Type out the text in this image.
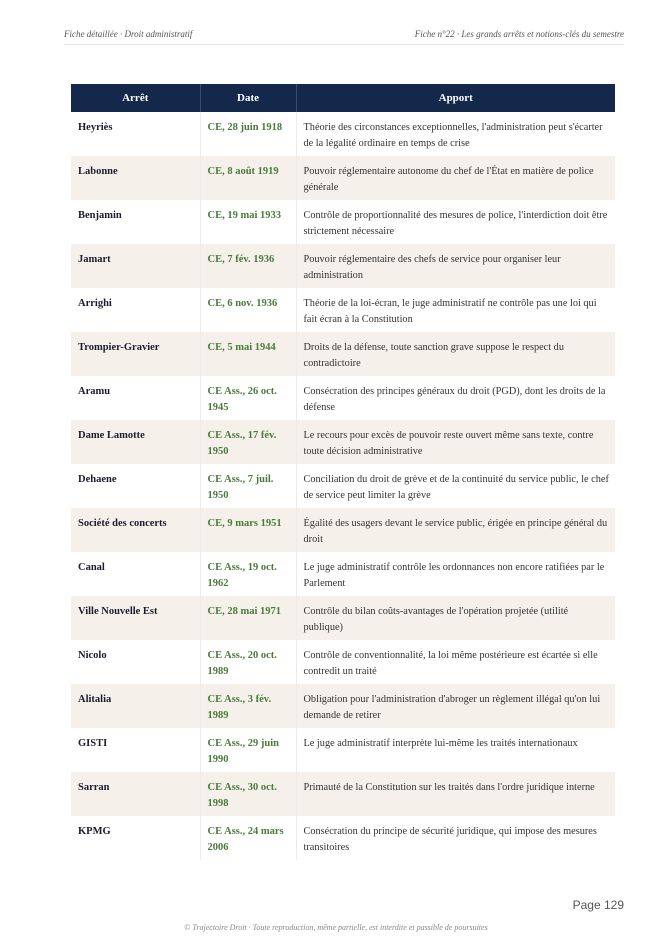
Fiche détaillée · Droit administratif	Fiche n°22 · Les grands arrêts et notions-clés du semestre
Arrêt	Date	Apport
Heyriès	CE, 28 juin 1918	Théorie des circonstances exceptionnelles, l'administration peut s'écarter de la légalité ordinaire en temps de crise
Labonne	CE, 8 août 1919	Pouvoir réglementaire autonome du chef de l'État en matière de police générale
Benjamin	CE, 19 mai 1933	Contrôle de proportionnalité des mesures de police, l'interdiction doit être strictement nécessaire
Jamart	CE, 7 fév. 1936	Pouvoir réglementaire des chefs de service pour organiser leur administration
Arrighi	CE, 6 nov. 1936	Théorie de la loi-écran, le juge administratif ne contrôle pas une loi qui fait écran à la Constitution
Trompier-Gravier	CE, 5 mai 1944	Droits de la défense, toute sanction grave suppose le respect du contradictoire
Aramu	CE Ass., 26 oct. 1945	Consécration des principes généraux du droit (PGD), dont les droits de la défense
Dame Lamotte	CE Ass., 17 fév. 1950	Le recours pour excès de pouvoir reste ouvert même sans texte, contre toute décision administrative
Dehaene	CE Ass., 7 juil. 1950	Conciliation du droit de grève et de la continuité du service public, le chef de service peut limiter la grève
Société des concerts	CE, 9 mars 1951	Égalité des usagers devant le service public, érigée en principe général du droit
Canal	CE Ass., 19 oct. 1962	Le juge administratif contrôle les ordonnances non encore ratifiées par le Parlement
Ville Nouvelle Est	CE, 28 mai 1971	Contrôle du bilan coûts-avantages de l'opération projetée (utilité publique)
Nicolo	CE Ass., 20 oct. 1989	Contrôle de conventionnalité, la loi même postérieure est écartée si elle contredit un traité
Alitalia	CE Ass., 3 fév. 1989	Obligation pour l'administration d'abroger un règlement illégal qu'on lui demande de retirer
GISTI	CE Ass., 29 juin 1990	Le juge administratif interprète lui-même les traités internationaux
Sarran	CE Ass., 30 oct. 1998	Primauté de la Constitution sur les traités dans l'ordre juridique interne
KPMG	CE Ass., 24 mars 2006	Consécration du principe de sécurité juridique, qui impose des mesures transitoires
Page 129
© Trajectoire Droit · Toute reproduction, même partielle, est interdite et passible de poursuites
